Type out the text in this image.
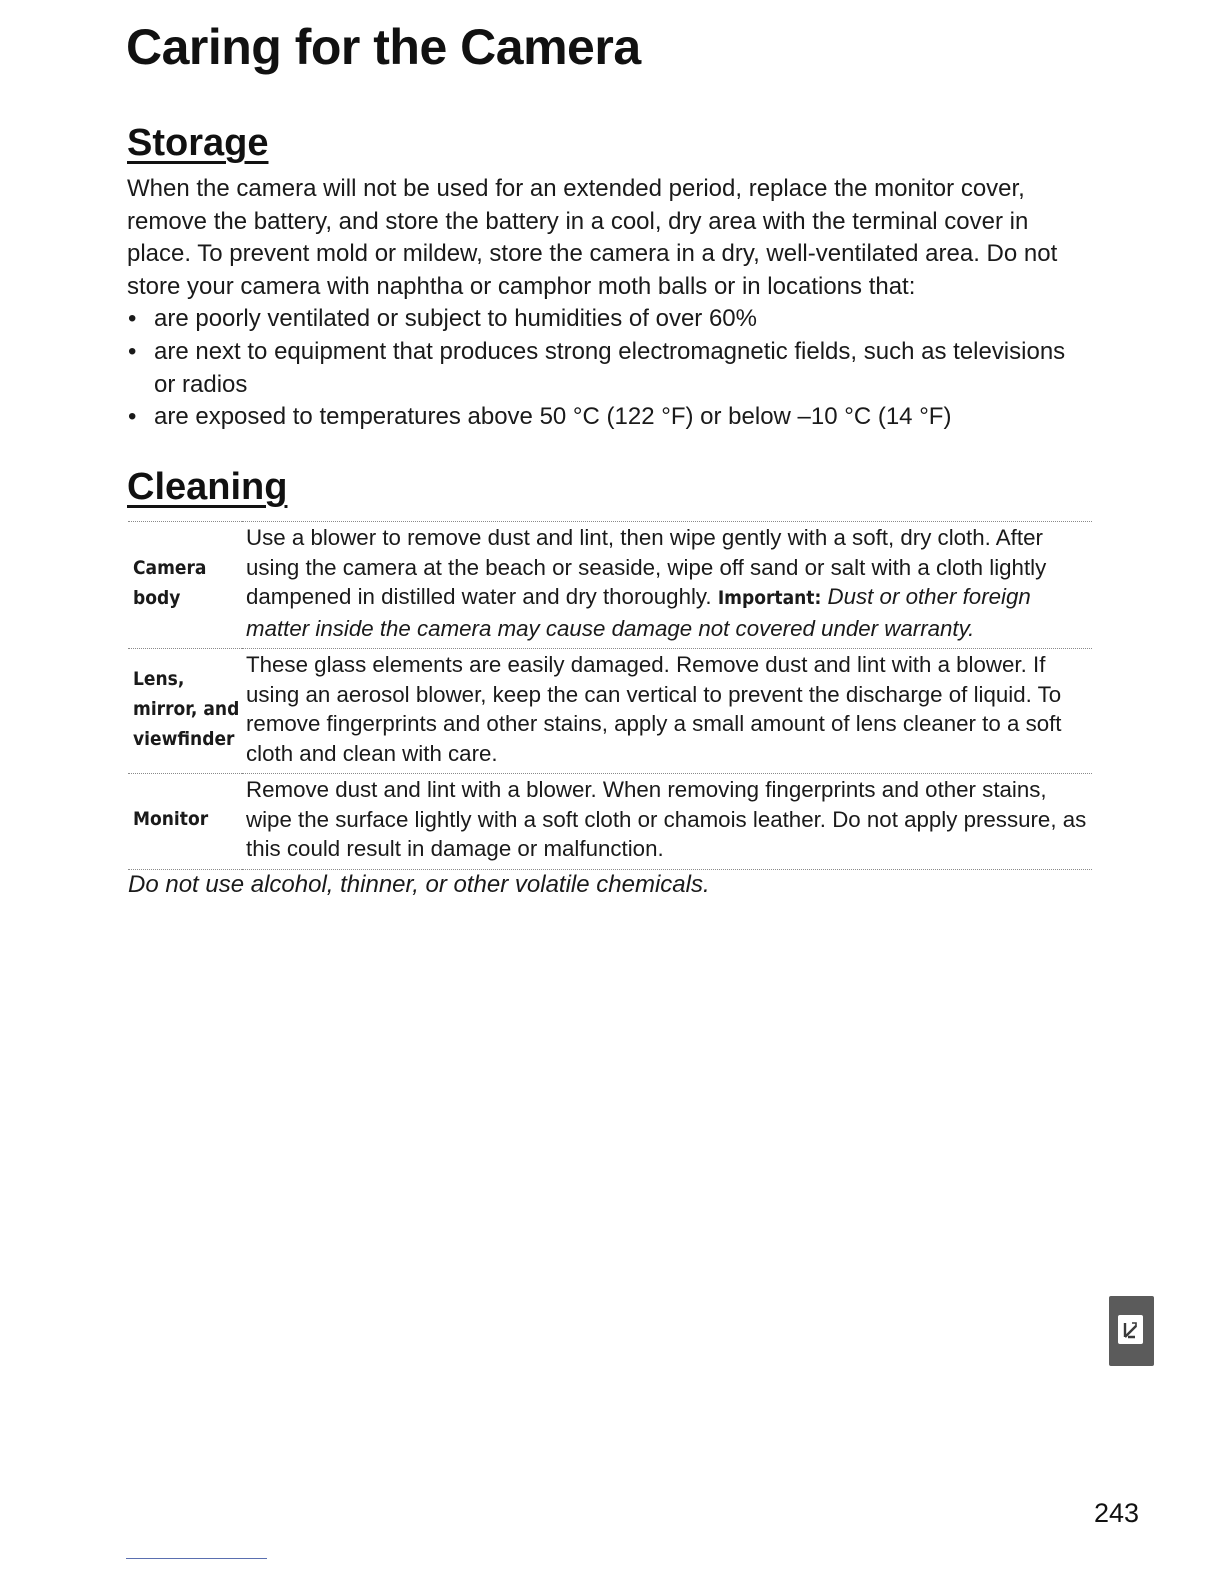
Caring for the Camera
Storage

When the camera will not be used for an extended period, replace the monitor cover, remove the battery, and store the battery in a cool, dry area with the terminal cover in place. To prevent mold or mildew, store the camera in a dry, well-ventilated area. Do not store your camera with naphtha or camphor moth balls or in locations that:

• are poorly ventilated or subject to humidities of over 60%
• are next to equipment that produces strong electromagnetic fields, such as televisions or radios
• are exposed to temperatures above 50 °C (122 °F) or below –10 °C (14 °F)
Cleaning
Camera body	Use a blower to remove dust and lint, then wipe gently with a soft, dry cloth. After using the camera at the beach or seaside, wipe off sand or salt with a cloth lightly dampened in distilled water and dry thoroughly. Important: Dust or other foreign matter inside the camera may cause damage not covered under warranty.
Lens, mirror, and viewfinder	These glass elements are easily damaged. Remove dust and lint with a blower. If using an aerosol blower, keep the can vertical to prevent the discharge of liquid. To remove fingerprints and other stains, apply a small amount of lens cleaner to a soft cloth and clean with care.
Monitor	Remove dust and lint with a blower. When removing fingerprints and other stains, wipe the surface lightly with a soft cloth or chamois leather. Do not apply pressure, as this could result in damage or malfunction.

Do not use alcohol, thinner, or other volatile chemicals.

243
